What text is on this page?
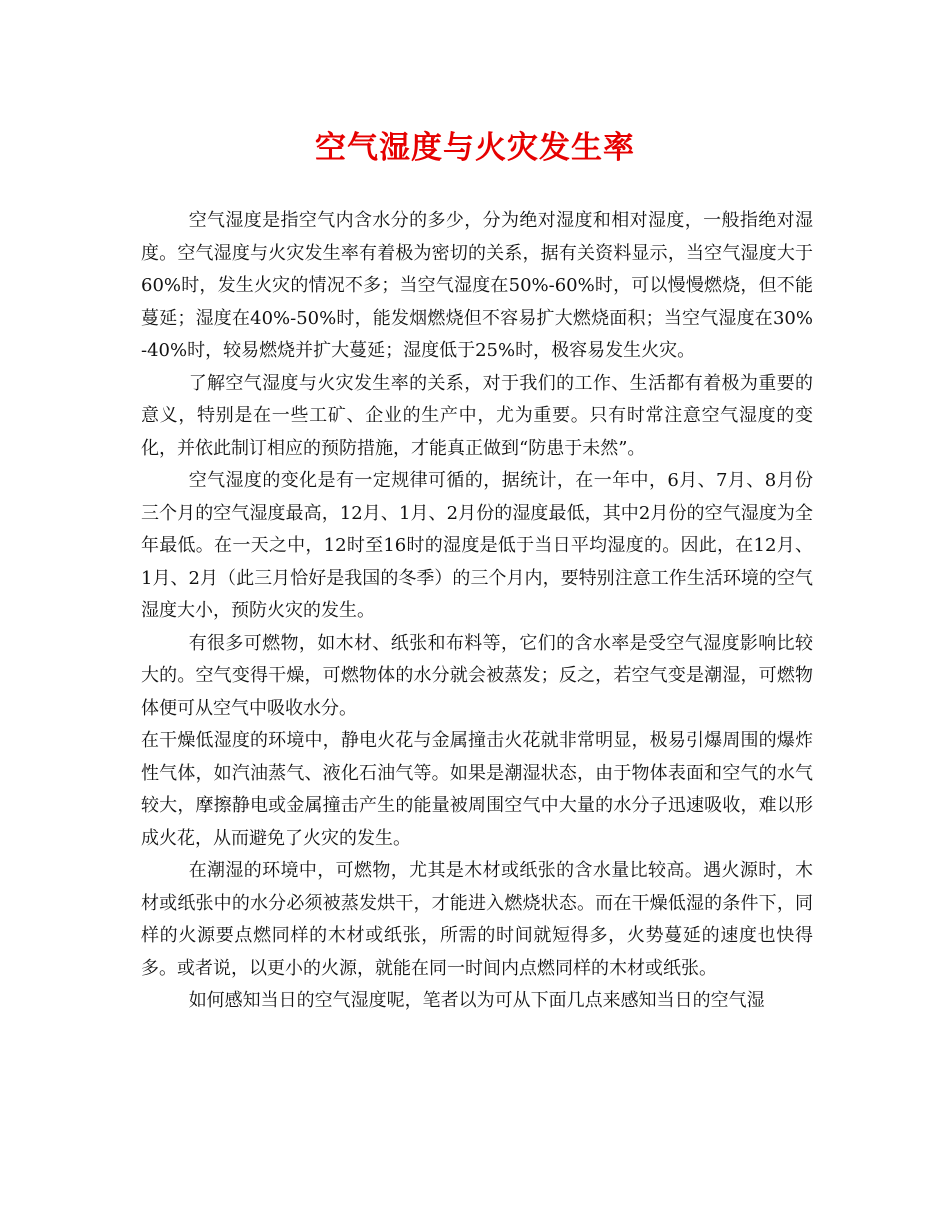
空气湿度与火灾发生率

空气湿度是指空气内含水分的多少，分为绝对湿度和相对湿度，一般指绝对湿度。空气湿度与火灾发生率有着极为密切的关系，据有关资料显示，当空气湿度大于60%时，发生火灾的情况不多；当空气湿度在50%-60%时，可以慢慢燃烧，但不能蔓延；湿度在40%-50%时，能发烟燃烧但不容易扩大燃烧面积；当空气湿度在30%-40%时，较易燃烧并扩大蔓延；湿度低于25%时，极容易发生火灾。

了解空气湿度与火灾发生率的关系，对于我们的工作、生活都有着极为重要的意义，特别是在一些工矿、企业的生产中，尤为重要。只有时常注意空气湿度的变化，并依此制订相应的预防措施，才能真正做到“防患于未然”。

空气湿度的变化是有一定规律可循的，据统计，在一年中，6月、7月、8月份三个月的空气湿度最高，12月、1月、2月份的湿度最低，其中2月份的空气湿度为全年最低。在一天之中，12时至16时的湿度是低于当日平均湿度的。因此，在12月、1月、2月（此三月恰好是我国的冬季）的三个月内，要特别注意工作生活环境的空气湿度大小，预防火灾的发生。

有很多可燃物，如木材、纸张和布料等，它们的含水率是受空气湿度影响比较大的。空气变得干燥，可燃物体的水分就会被蒸发；反之，若空气变是潮湿，可燃物体便可从空气中吸收水分。

在干燥低湿度的环境中，静电火花与金属撞击火花就非常明显，极易引爆周围的爆炸性气体，如汽油蒸气、液化石油气等。如果是潮湿状态，由于物体表面和空气的水气较大，摩擦静电或金属撞击产生的能量被周围空气中大量的水分子迅速吸收，难以形成火花，从而避免了火灾的发生。

在潮湿的环境中，可燃物，尤其是木材或纸张的含水量比较高。遇火源时，木材或纸张中的水分必须被蒸发烘干，才能进入燃烧状态。而在干燥低湿的条件下，同样的火源要点燃同样的木材或纸张，所需的时间就短得多，火势蔓延的速度也快得多。或者说，以更小的火源，就能在同一时间内点燃同样的木材或纸张。

如何感知当日的空气湿度呢，笔者以为可从下面几点来感知当日的空气湿
